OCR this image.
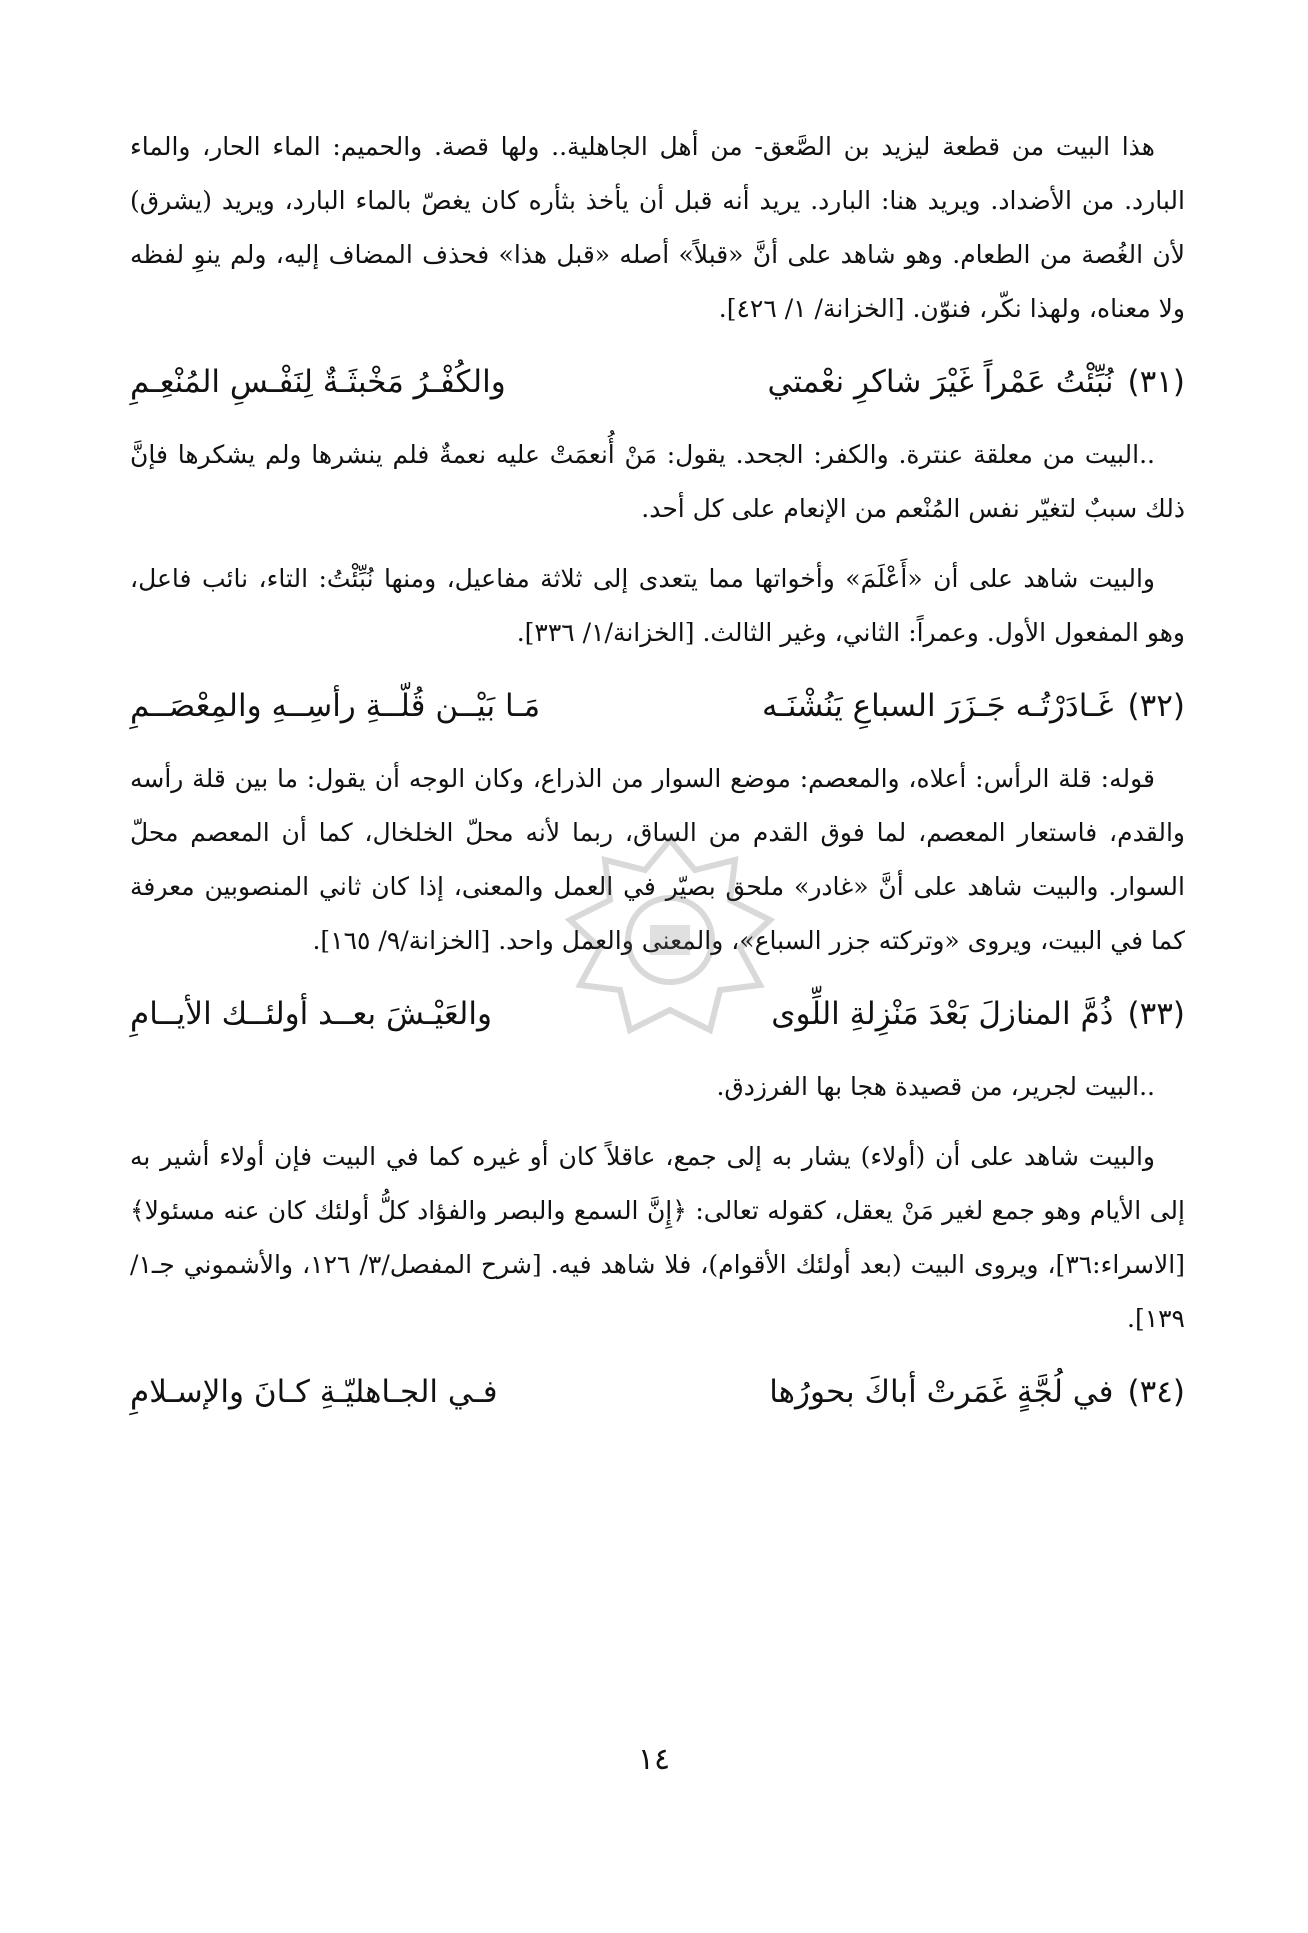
هذا البيت من قطعة ليزيد بن الصَّعق- من أهل الجاهلية.. ولها قصة. والحميم: الماء الحار، والماء البارد. من الأضداد. ويريد هنا: البارد. يريد أنه قبل أن يأخذ بثأره كان يغصّ بالماء البارد، ويريد (يشرق) لأن الغُصة من الطعام. وهو شاهد على أنَّ «قبلاً» أصله «قبل هذا» فحذف المضاف إليه، ولم ينوِ لفظه ولا معناه، ولهذا نكّر، فنوّن. [الخزانة/ ١/ ٤٢٦].

(٣١)
نُبِّئْتُ عَمْراً غَيْرَ شاكرِ نعْمتي
والكُفْـرُ مَخْبثَـةٌ لِنَفْـسِ المُنْعِـمِ

..البيت من معلقة عنترة. والكفر: الجحد. يقول: مَنْ أُنعمَتْ عليه نعمةٌ فلم ينشرها ولم يشكرها فإنَّ ذلك سببٌ لتغيّر نفس المُنْعم من الإنعام على كل أحد.

والبيت شاهد على أن «أَعْلَمَ» وأخواتها مما يتعدى إلى ثلاثة مفاعيل، ومنها نُبِّئْتُ: التاء، نائب فاعل، وهو المفعول الأول. وعمراً: الثاني، وغير الثالث. [الخزانة/١/ ٣٣٦].

(٣٢)
غَـادَرْتُـه جَـزَرَ السباعِ يَنُشْنَـه
مَـا بَيْــن قُلّــةِ رأسِــهِ والمِعْصَــمِ

قوله: قلة الرأس: أعلاه، والمعصم: موضع السوار من الذراع، وكان الوجه أن يقول: ما بين قلة رأسه والقدم، فاستعار المعصم، لما فوق القدم من الساق، ربما لأنه محلّ الخلخال، كما أن المعصم محلّ السوار. والبيت شاهد على أنَّ «غادر» ملحق بصيّر في العمل والمعنى، إذا كان ثاني المنصوبين معرفة كما في البيت، ويروى «وتركته جزر السباع»، والمعنى والعمل واحد. [الخزانة/٩/ ١٦٥].

(٣٣)
ذُمَّ المنازلَ بَعْدَ مَنْزِلةِ اللِّوى
والعَيْـشَ بعــد أولئــك الأيــامِ

..البيت لجرير، من قصيدة هجا بها الفرزدق.

والبيت شاهد على أن (أولاء) يشار به إلى جمع، عاقلاً كان أو غيره كما في البيت فإن أولاء أشير به إلى الأيام وهو جمع لغير مَنْ يعقل، كقوله تعالى: ﴿إِنَّ السمع والبصر والفؤاد كلُّ أولئك كان عنه مسئولا﴾ [الاسراء:٣٦]، ويروى البيت (بعد أولئك الأقوام)، فلا شاهد فيه. [شرح المفصل/٣/ ١٢٦، والأشموني جـ١/ ١٣٩].

(٣٤)
في لُجَّةٍ غَمَرتْ أباكَ بحورُها
فـي الجـاهليّـةِ كـانَ والإسـلامِ
١٤
